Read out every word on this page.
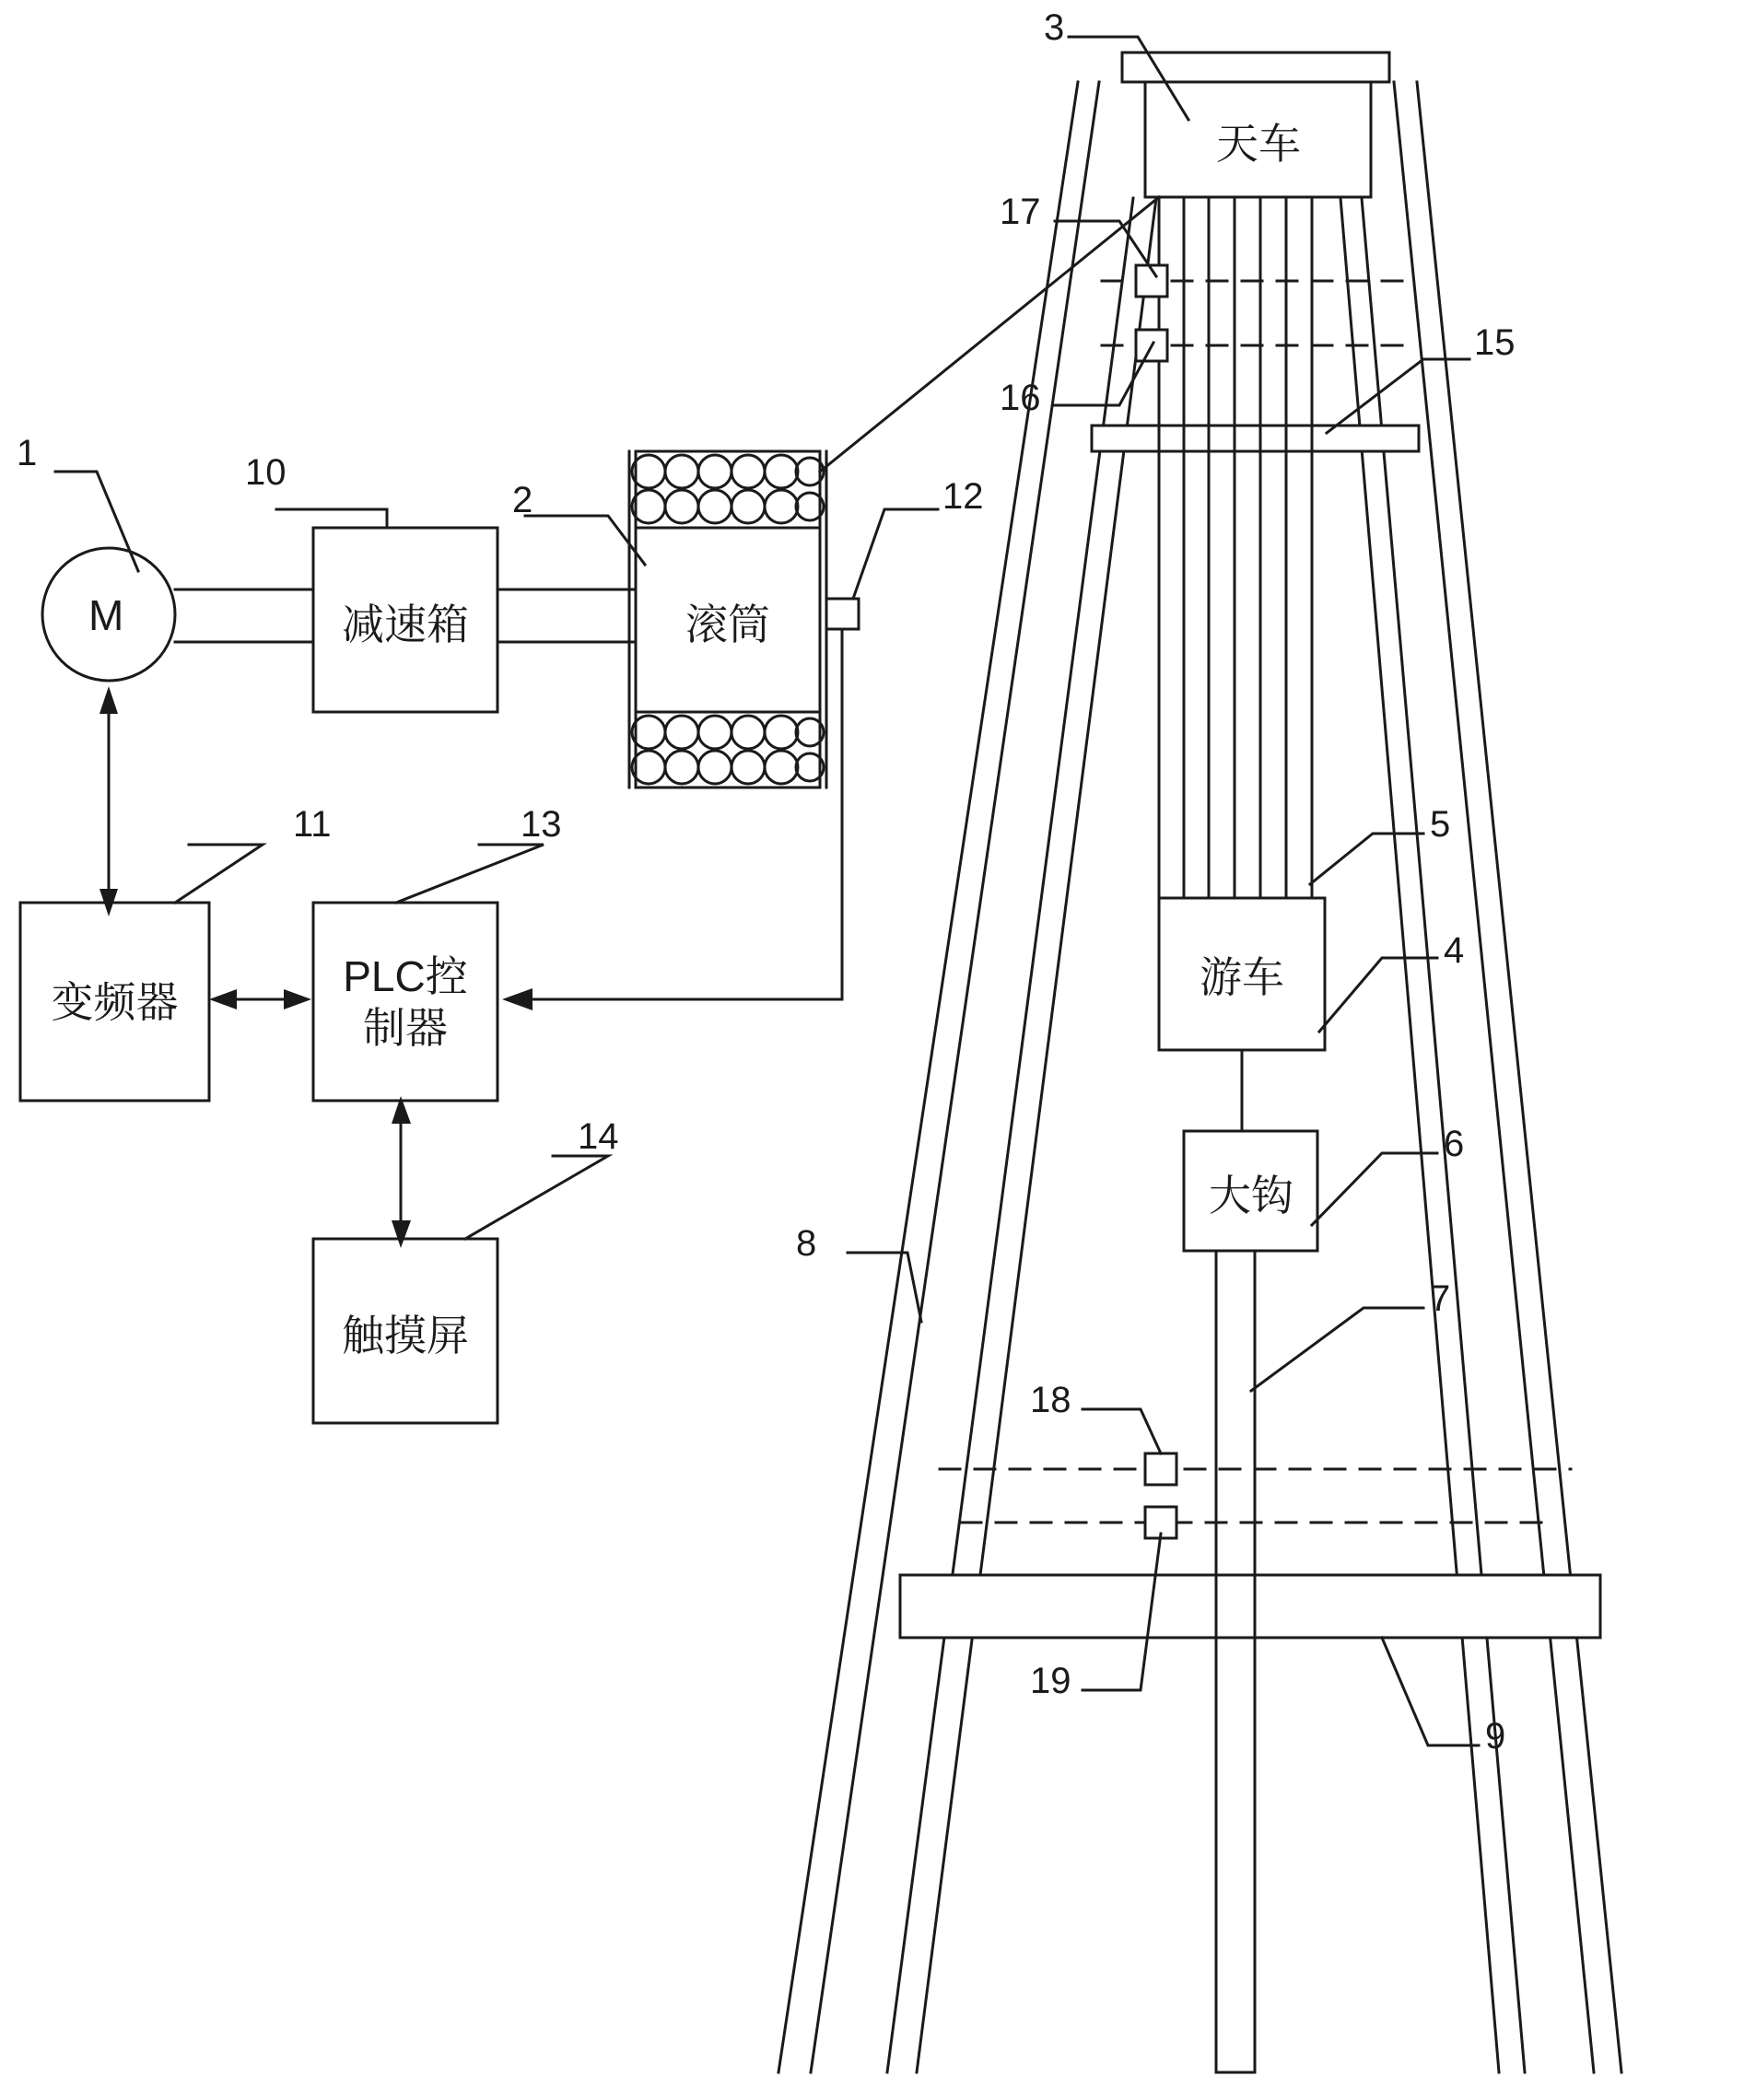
M	减速箱	滚筒
变频器
PLC控
制器
触摸屏
天车
游车
大钩
1
2
3
4
5
6
7
8
9
10
11
12
13
14
15
16
17
18
19
